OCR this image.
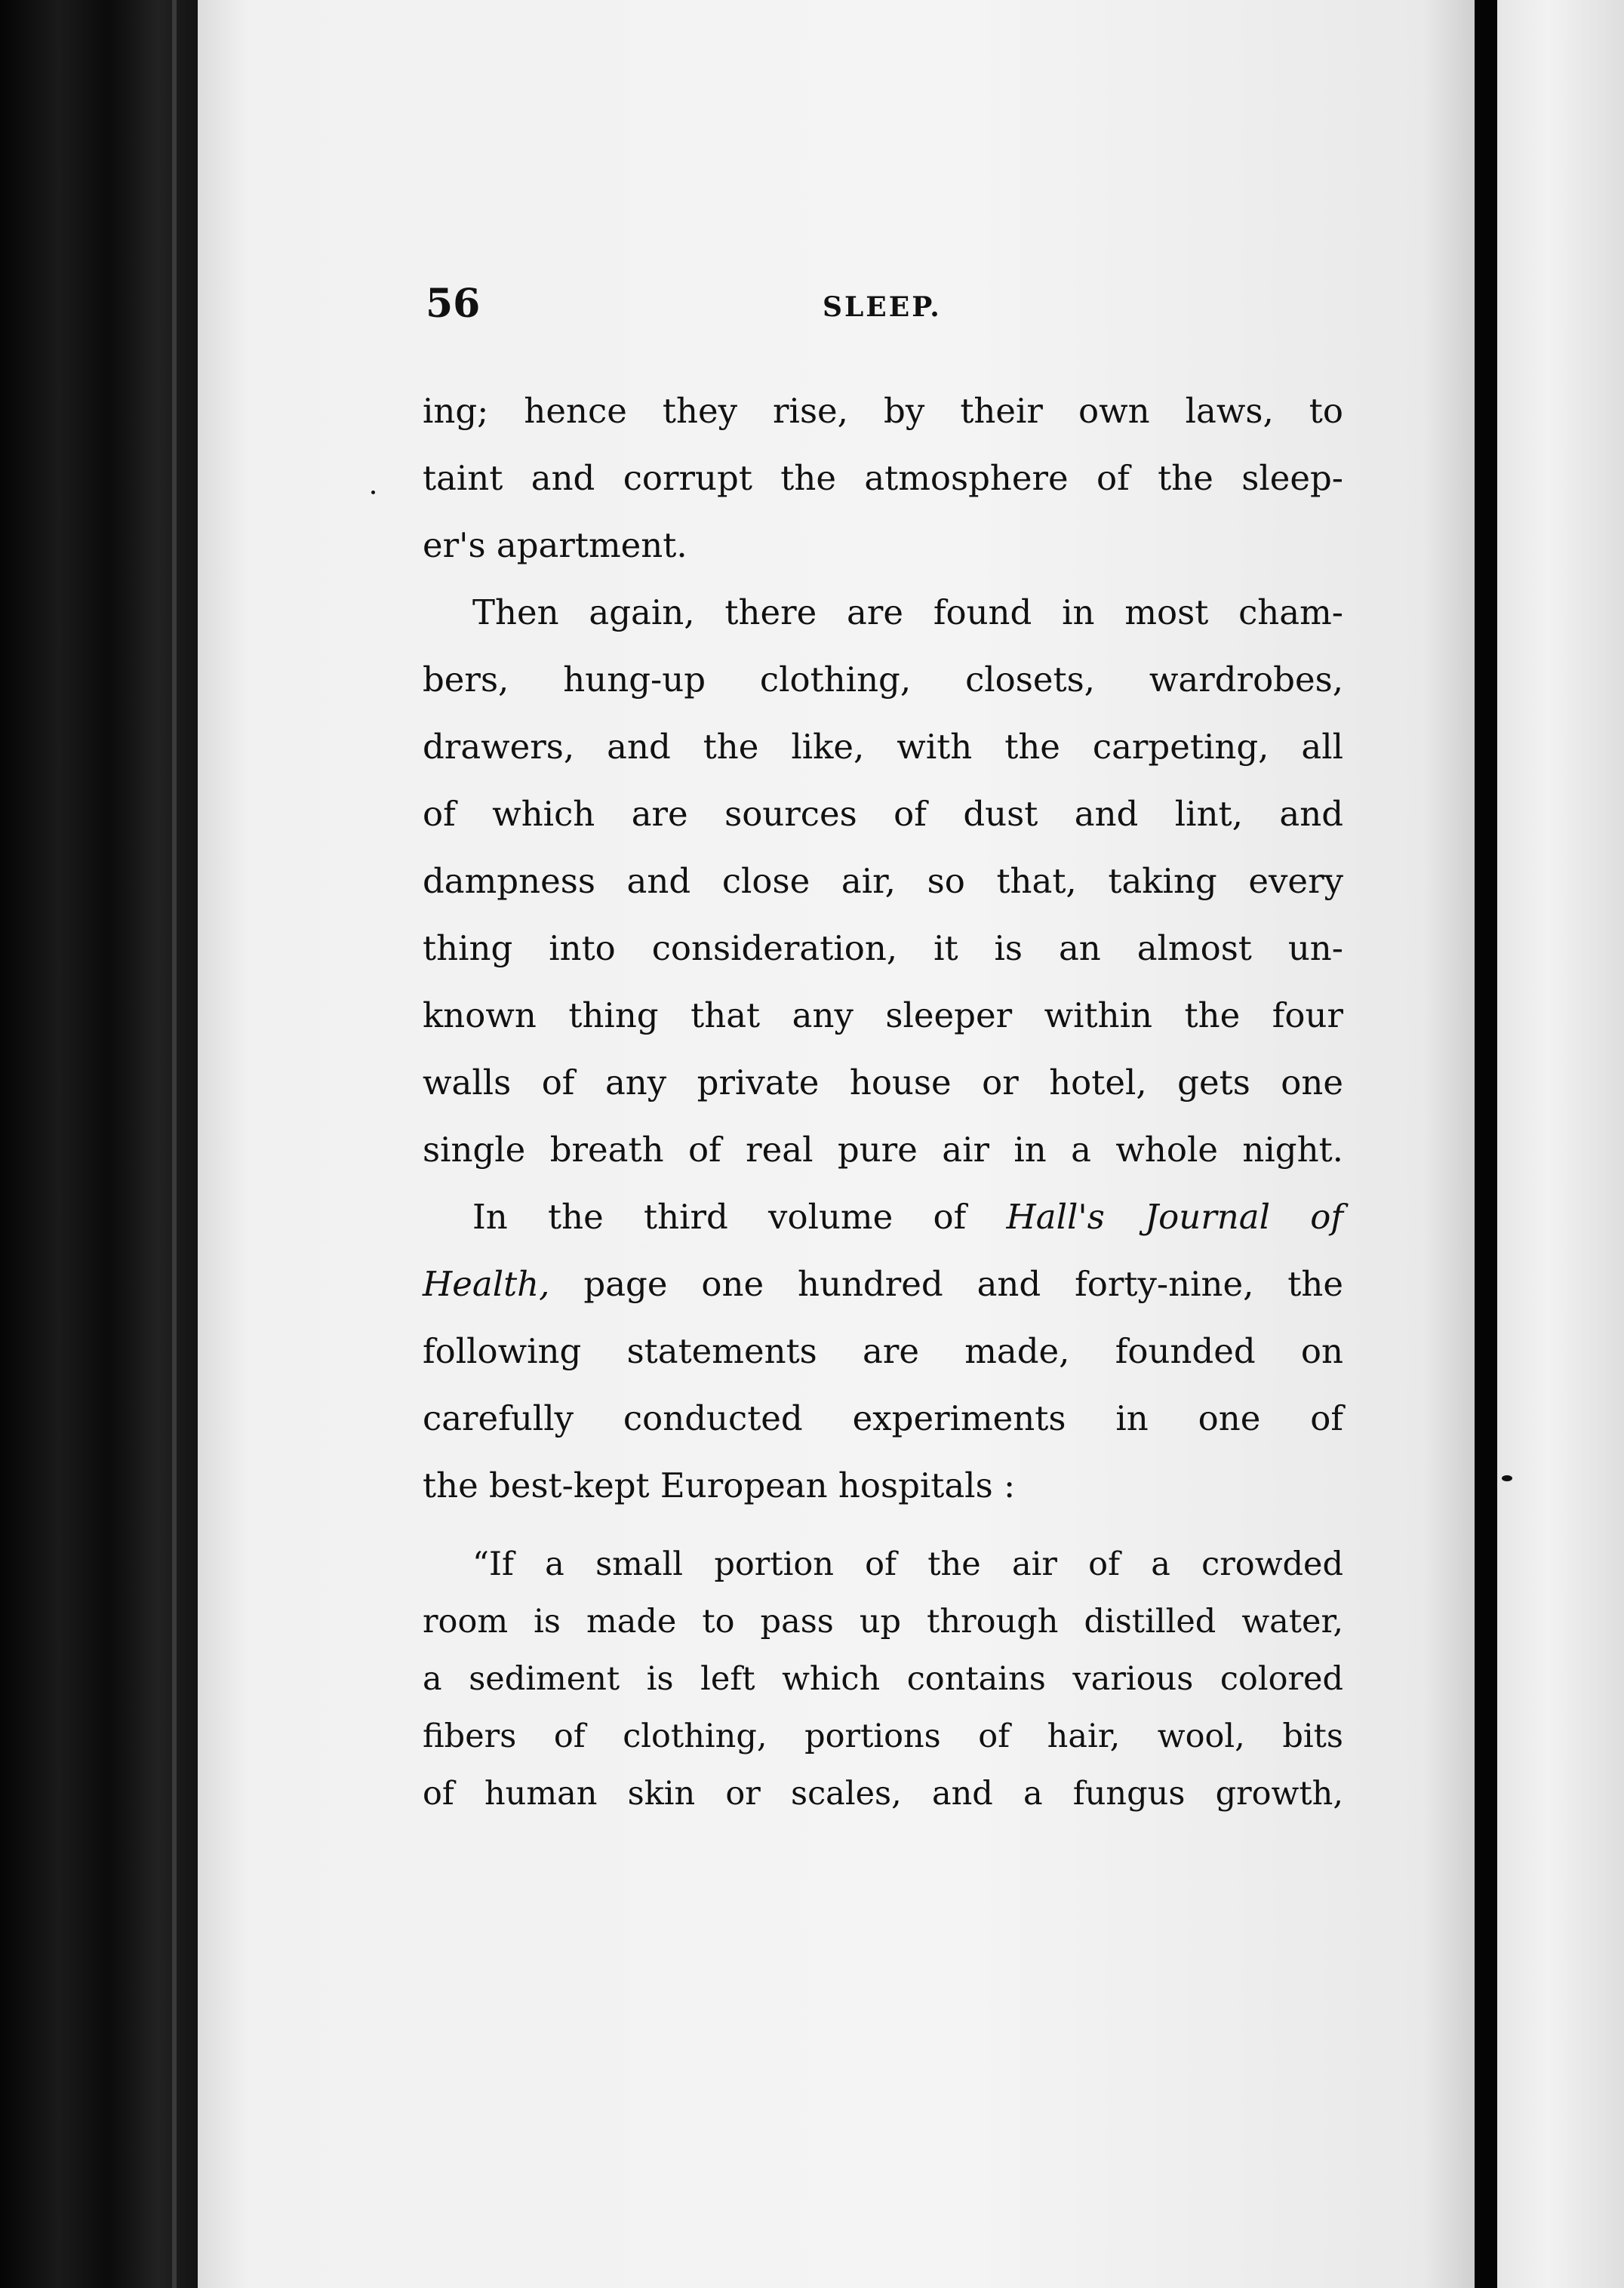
56	SLEEP.
ing; hence they rise, by their own laws, to
taint and corrupt the atmosphere of the sleep-
er's apartment.
Then again, there are found in most cham-
bers, hung-up clothing, closets, wardrobes,
drawers, and the like, with the carpeting, all
of which are sources of dust and lint, and
dampness and close air, so that, taking every
thing into consideration, it is an almost un-
known thing that any sleeper within the four
walls of any private house or hotel, gets one
single breath of real pure air in a whole night.
In the third volume of Hall's Journal of
Health, page one hundred and forty-nine, the
following statements are made, founded on
carefully conducted experiments in one of
the best-kept European hospitals :
“If a small portion of the air of a crowded
room is made to pass up through distilled water,
a sediment is left which contains various colored
fibers of clothing, portions of hair, wool, bits
of human skin or scales, and a fungus growth,
